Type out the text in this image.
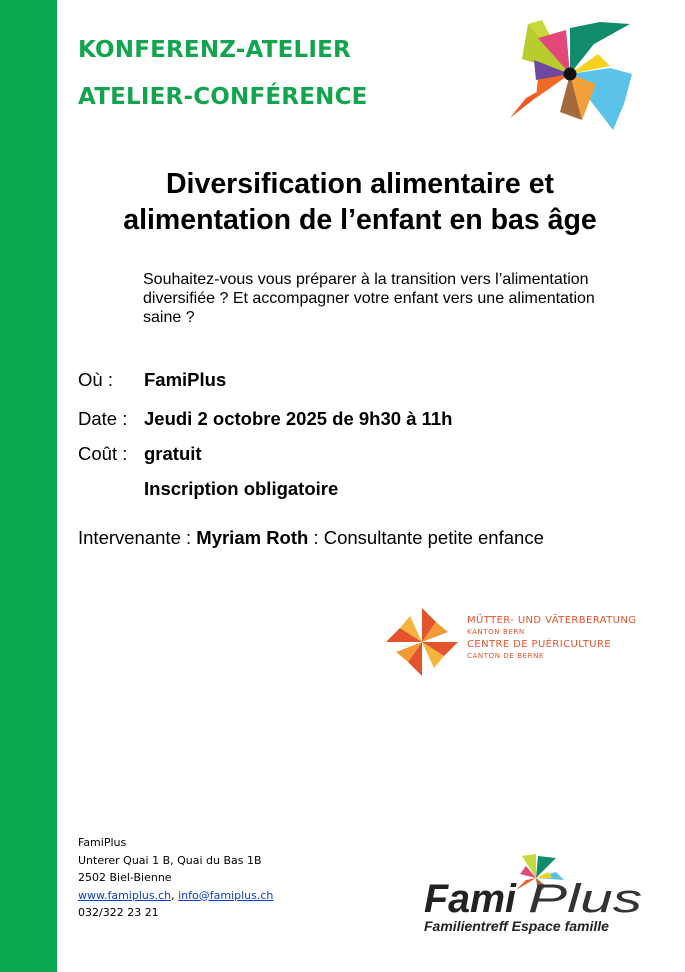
KONFERENZ-ATELIER
ATELIER-CONFÉRENCE
Diversification alimentaire et
alimentation de l’enfant en bas âge
Souhaitez-vous vous préparer à la transition vers l’alimentation
diversifiée ? Et accompagner votre enfant vers une alimentation
saine ?
Où : FamiPlus
Date : Jeudi 2 octobre 2025 de 9h30 à 11h
Coût : gratuit
Inscription obligatoire
Intervenante : Myriam Roth : Consultante petite enfance
MÜTTER- UND VÄTERBERATUNG
KANTON BERN
CENTRE DE PUÉRICULTURE
CANTON DE BERNE
FamiPlus
Unterer Quai 1 B, Quai du Bas 1B
2502 Biel-Bienne
www.famiplus.ch, info@famiplus.ch
032/322 23 21	Fami Plus
Familientreff Espace famille
